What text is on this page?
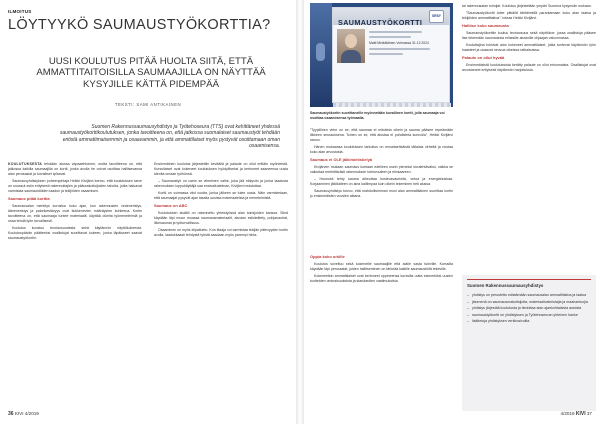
ILMOITUS
LÖYTYYKÖ SAUMAUSTYÖKORTTIA?
UUSI KOULUTUS PITÄÄ HUOLTA SIITÄ, ETTÄ AMMATTITAITOISILLA SAUMAAJILLA ON NÄYTTÄÄ KYSYJILLE KÄTTÄ PIDEMPÄÄ
TEKSTI: SAMI ANTIKAINEN
Suomen Rakennussaumausyhdistys ja Työtehoseura (TTS) ovat kehittäneet yhdessä saumaustyökorttikoulutuksen, jonka tavoitteena on, että jatkossa suomalaiset saumaustyöt tehdään entistä ammattimaisemmin ja osaavammin, ja että ammattilaiset myös pystyvät osoittamaan oman osaamisensa.

KOULUTUKSESTA tehdään alussa vapaaehtoinen, mutta tavoitteena on, että jatkossa kaikilla saumaajilla on kortti, jonka avulla he voivat osoittaa hallitsevansa alan perusasiat ja turvalliset työtavat.

Saumausyhdistyksen puheenjohtaja Heikki Kivijärvi kertoo, että koulutuksen tarve on noussut esiin erityisesti rakennuttajien ja pääurakoitsijoiden taholta, jotka haluavat varmistaa saumaustöiden laadun ja tekijöiden osaamisen.

Saumaus pitää korttia

Saumausalan merkitys korostuu koko ajan, kun rakennusten vedeneristys, ääneneristys ja palonkestävyys ovat tiukkenevien määräysten kohteena. Kortin tavoitteena on, että saumaaja tuntee materiaalit, käyttää oikeita työmenetelmiä ja osaa tehdä työn turvallisesti.

Koulutus koostuu teoriaosuudesta sekä käytännön näyttökokeesta. Koulutuspäivän päätteeksi osallistujat suorittavat kokeen, jonka läpäisseet saavat saumaustyökortin.

Ensimmäinen koulutus järjestettiin keväällä ja palaute on ollut erittäin myönteistä. Kurssilaiset ovat kokeneet koulutuksen hyödylliseksi ja kertoneet saaneensa uusia ideoita omaan työhönsä.

– Saumaustyö on usein se viimeinen vaihe, joka jää näkyviin ja jonka laadusta rakennuksen loppukäyttäjä saa ensivaikutelman, Kivijärvi muistuttaa.

Kortti on voimassa viisi vuotta, jonka jälkeen se tulee uusia. Näin varmistetaan, että saumaajat pysyvät ajan tasalla uusista materiaaleista ja menetelmistä.

Saumaus on ABC

Koulutuksen sisältö on rakennettu yhteistyössä alan toimijoiden kanssa. Siinä käydään läpi muun muassa saumausmateriaalit, alustan esikäsittely, pohjanauhat, liikesaumat ja työturvallisuus.

Osaaminen on myös kilpailuetu. Kun tilaaja voi varmistaa tekijän pätevyyden kortin avulla, laadukkaasti tehdystä työstä saadaan myös parempi hinta.

36 KIVI 4/2019
SAUMAUSTYÖKORTTI
SRSY
Matti Meikäläinen Voimassa 31.12.2024
Saumaustyökortin suorittaneille myönnetään kuvallinen kortti, jolla saumaaja voi osoittaa osaamisensa työmaalla.

”Tyypillinen virhe on se, että saumaa ei mitoiteta oikein ja sauma pääsee repeämään liikkeen seurauksena. Toinen on se, että alustaa ei puhdisteta kunnolla”, Heikki Kivijärvi sanoo.

Hänen mukaansa koulutuksen tarkoitus on ennaltaehkäistä tällaisia virheitä ja nostaa koko alan arvostusta.

Saumaus ei OLE jälkimietiskelyä

Kivijärven mukaan saumaus koetaan edelleen usein pieneksi sivutehtäväksi, vaikka se vaikuttaa merkittävästi rakennuksen toimivuuteen ja elinkaareen.

– Huonosti tehty sauma aiheuttaa kosteusvaurioita, vetoa ja energiahukkaa. Korjaaminen jälkikäteen on aina kalliimpaa kuin oikein tekeminen heti alussa.

Saumausyhdistys toivoo, että mahdollisimman moni alan ammattilainen suorittaa kortin jo ensimmäisten vuosien aikana.

Oppia koko urkille

Koulutus soveltuu sekä kokeneille saumaajille että alalle vasta tuleville. Kurssilla käydään läpi perusasiat, joiden hallitseminen on tärkeää kaikille saumaustöitä tekeville.

Kokeneetkin ammattilaiset ovat kertoneet oppineensa kurssilla uutta esimerkiksi uusien tuotteiden ominaisuuksista ja standardien vaatimuksista.

tai rakennusalan toimijat. Koulutus järjestetään ympäri Suomea kysynnän mukaan.

”Saumaustyökortti tulee pitkällä tähtäimellä parantamaan koko alan laatua ja tekijöiden ammattitaitoa”, toteaa Heikki Kivijärvi.

Hallitse koko saumausta

Saumaustyökorttiin kuuluu teoriaosuus sekä näyttökoe, jossa osallistuja pääsee itse tekemään saumauksia erilaisille alustoille ohjaajan valvonnassa.

Kouluttajina toimivat alan kokeneet ammattilaiset, jotka tuntevat käytännön työn haasteet ja osaavat neuvoa oikeissa ratkaisuissa.

Palaute on ollut hyvää

Ensimmäisistä koulutuksista kerätty palaute on ollut erinomaista. Osallistujat ovat arvostaneet erityisesti käytännön harjoituksia.

Suomen Rakennussaumausyhdistys
– yhdistys on perustettu edistämään saumausalan ammattitaitoa ja laatua
– jäsenenä on saumausurakoitsijoita, materiaalivalmistajia ja maahantuojia
– yhdistys järjestää koulutusta ja tiedottaa alan ajankohtaisista asioista
– saumaustyökortti on yhdistyksen ja Työtehoseuran yhteinen hanke
– lisätietoja yhdistyksen verkkosivuilta
4/2019 KIVI 37
